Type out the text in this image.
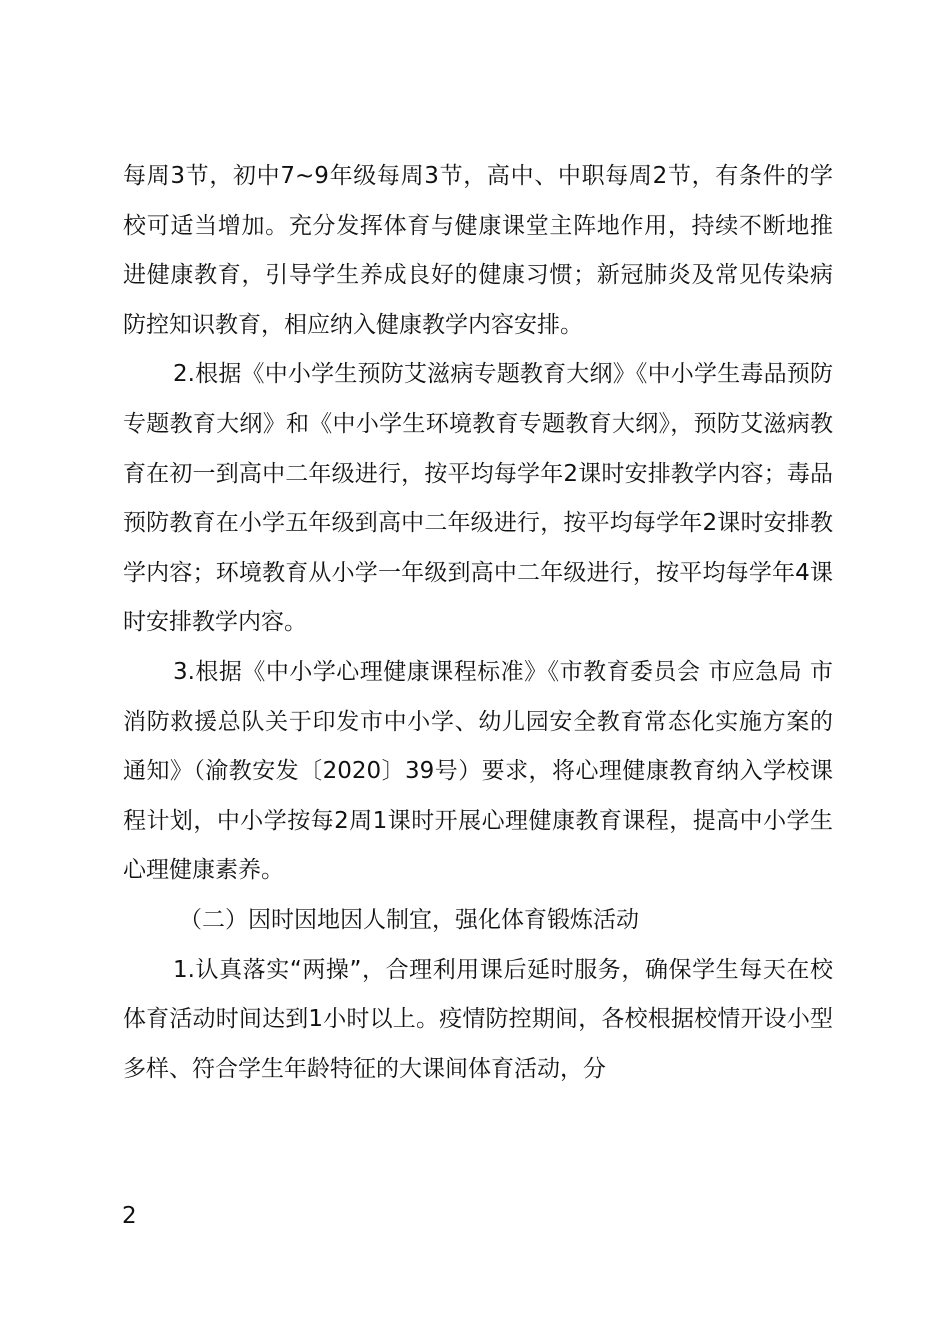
每周3节，初中7~9年级每周3节，高中、中职每周2节，有条件的学校可适当增加。充分发挥体育与健康课堂主阵地作用，持续不断地推进健康教育，引导学生养成良好的健康习惯；新冠肺炎及常见传染病防控知识教育，相应纳入健康教学内容安排。

2.根据《中小学生预防艾滋病专题教育大纲》《中小学生毒品预防专题教育大纲》和《中小学生环境教育专题教育大纲》，预防艾滋病教育在初一到高中二年级进行，按平均每学年2课时安排教学内容；毒品预防教育在小学五年级到高中二年级进行，按平均每学年2课时安排教学内容；环境教育从小学一年级到高中二年级进行，按平均每学年4课时安排教学内容。

3.根据《中小学心理健康课程标准》《市教育委员会 市应急局 市消防救援总队关于印发市中小学、幼儿园安全教育常态化实施方案的通知》（渝教安发〔2020〕39号）要求，将心理健康教育纳入学校课程计划，中小学按每2周1课时开展心理健康教育课程，提高中小学生心理健康素养。

（二）因时因地因人制宜，强化体育锻炼活动

1.认真落实“两操”，合理利用课后延时服务，确保学生每天在校体育活动时间达到1小时以上。疫情防控期间，各校根据校情开设小型多样、符合学生年龄特征的大课间体育活动，分

2
